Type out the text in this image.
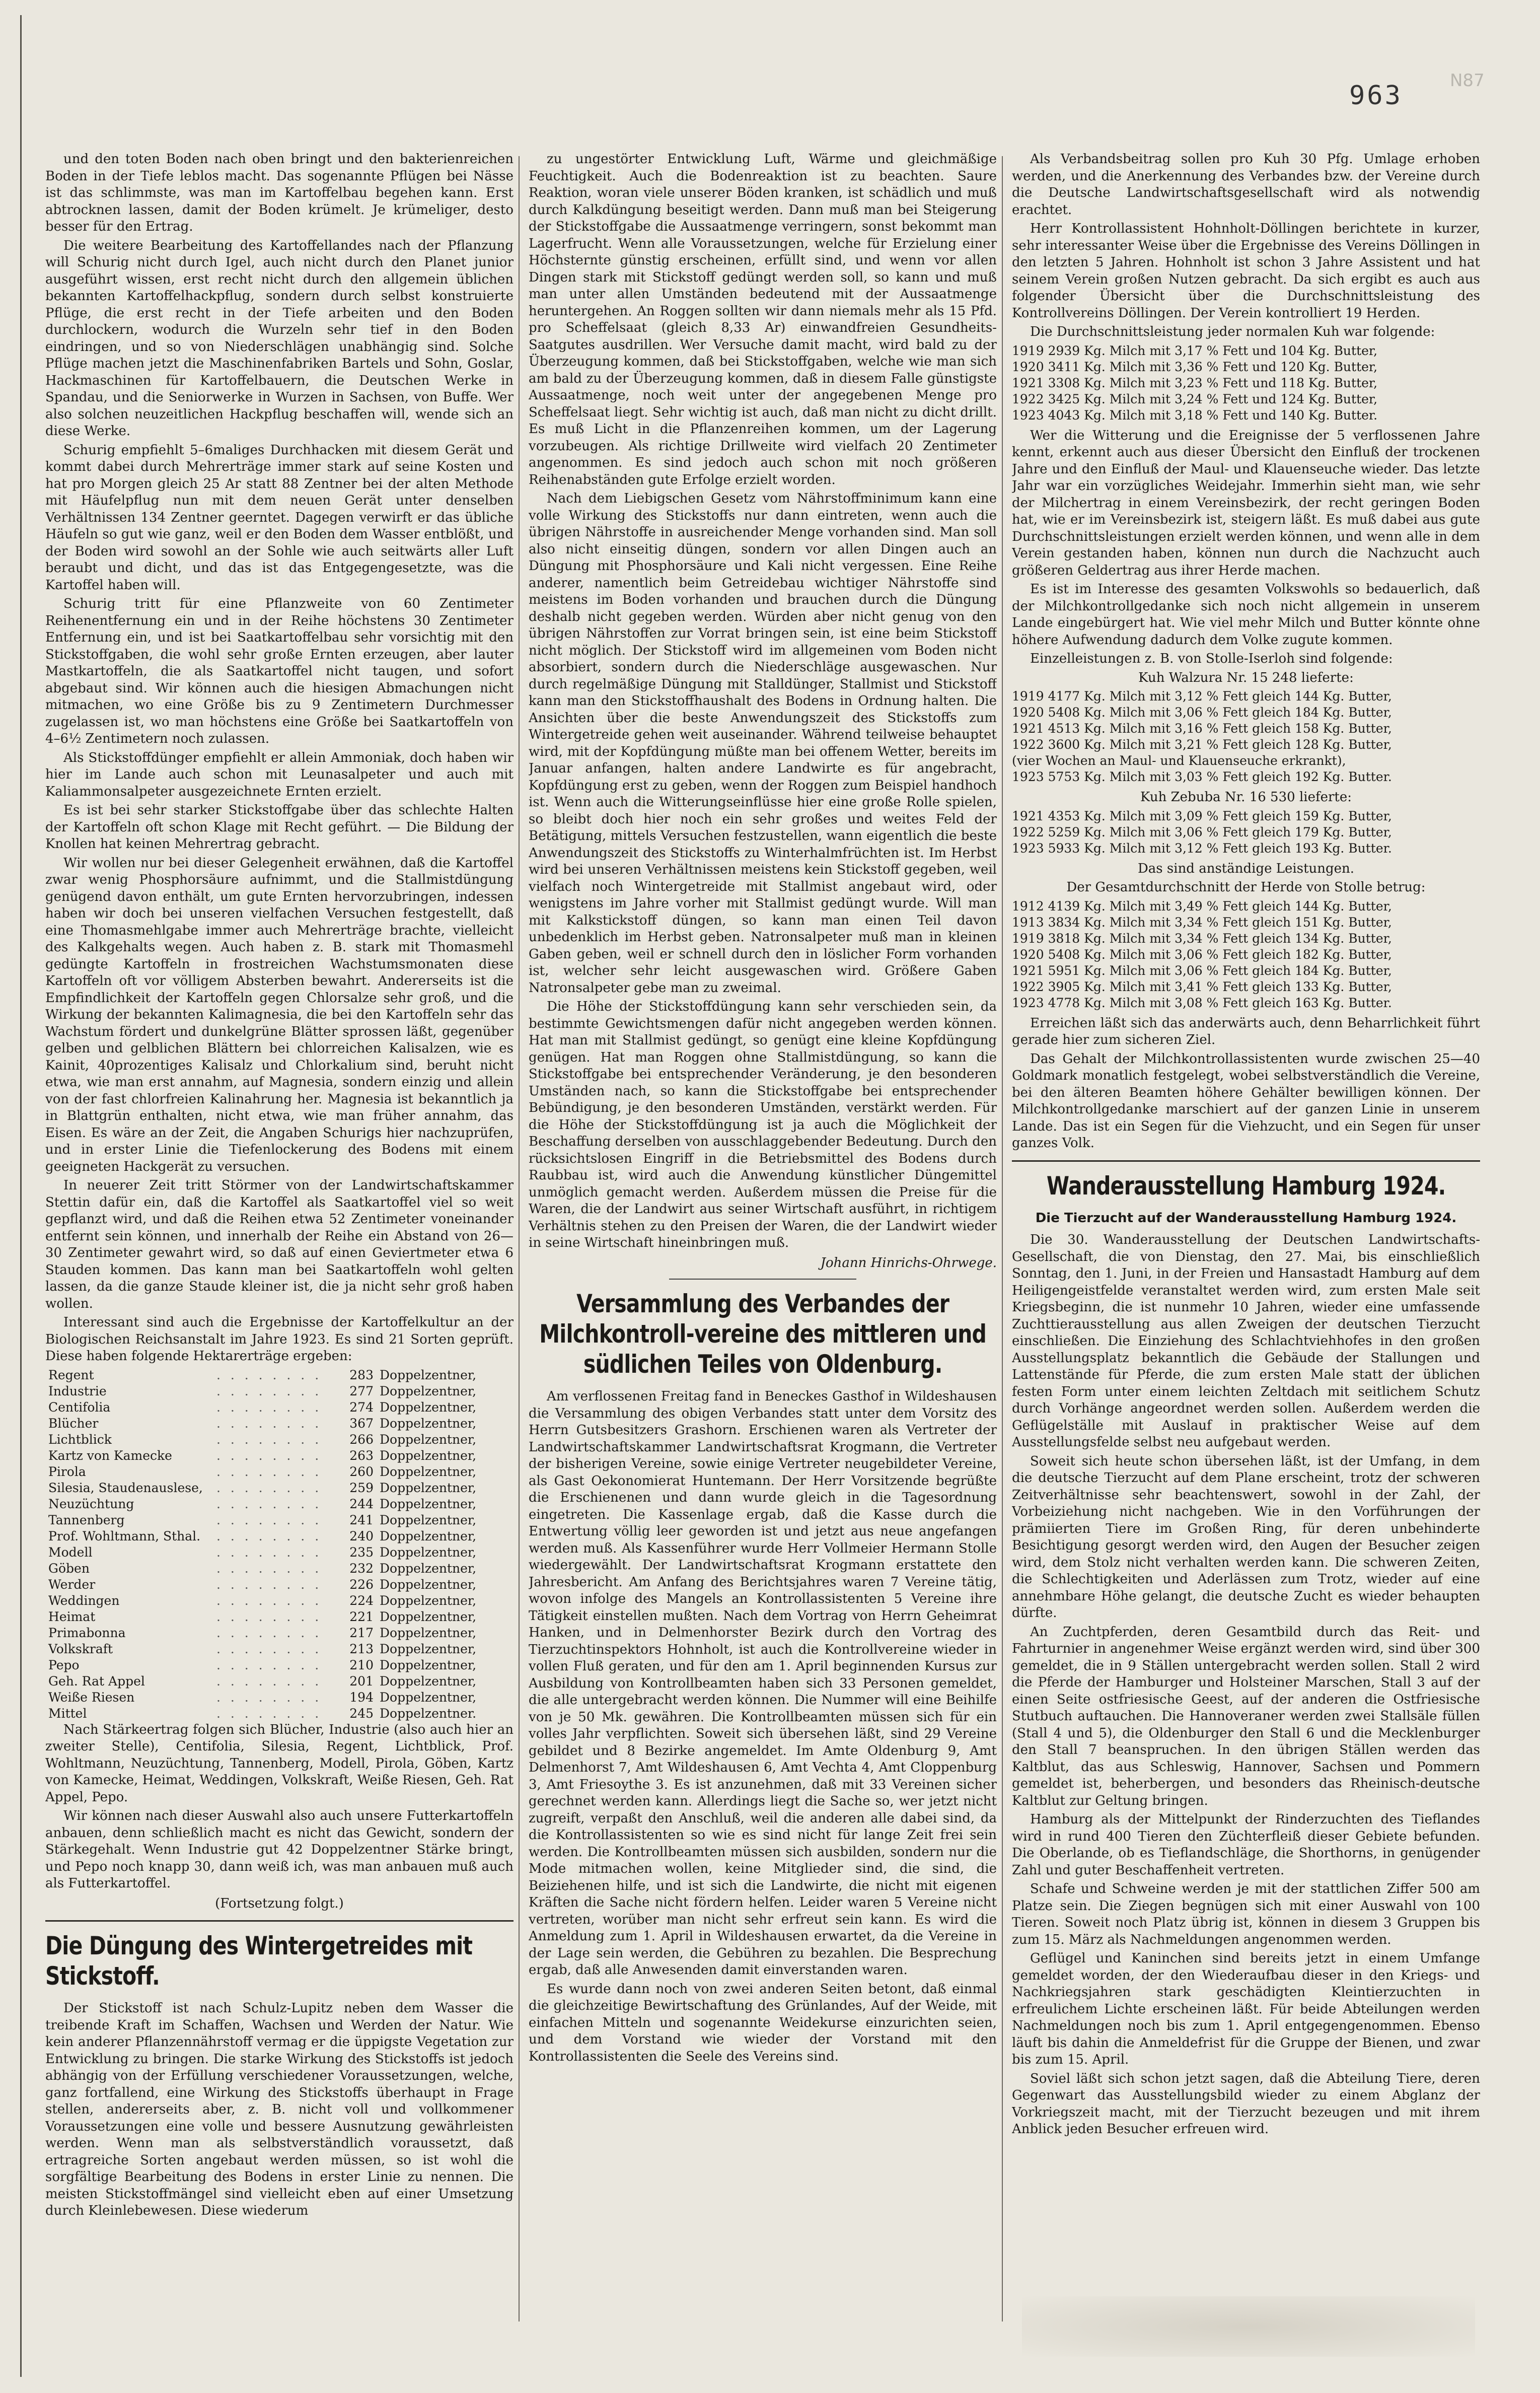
963	N87

und den toten Boden nach oben bringt und den bakterienreichen Boden in der Tiefe leblos macht. Das sogenannte Pflügen bei Nässe ist das schlimmste, was man im Kartoffelbau begehen kann. Erst abtrocknen lassen, damit der Boden krümelt. Je krümeliger, desto besser für den Ertrag.

Die weitere Bearbeitung des Kartoffellandes nach der Pflanzung will Schurig nicht durch Igel, auch nicht durch den Planet junior ausgeführt wissen, erst recht nicht durch den allgemein üblichen bekannten Kartoffelhackpflug, sondern durch selbst konstruierte Pflüge, die erst recht in der Tiefe arbeiten und den Boden durchlockern, wodurch die Wurzeln sehr tief in den Boden eindringen, und so von Niederschlägen unabhängig sind. Solche Pflüge machen jetzt die Maschinenfabriken Bartels und Sohn, Goslar, Hackmaschinen für Kartoffelbauern, die Deutschen Werke in Spandau, und die Seniorwerke in Wurzen in Sachsen, von Buffe. Wer also solchen neuzeitlichen Hackpflug beschaffen will, wende sich an diese Werke.

Schurig empfiehlt 5–6maliges Durchhacken mit diesem Gerät und kommt dabei durch Mehrerträge immer stark auf seine Kosten und hat pro Morgen gleich 25 Ar statt 88 Zentner bei der alten Methode mit Häufelpflug nun mit dem neuen Gerät unter denselben Verhältnissen 134 Zentner geerntet. Dagegen verwirft er das übliche Häufeln so gut wie ganz, weil er den Boden dem Wasser entblößt, und der Boden wird sowohl an der Sohle wie auch seitwärts aller Luft beraubt und dicht, und das ist das Entgegengesetzte, was die Kartoffel haben will.

Schurig tritt für eine Pflanzweite von 60 Zentimeter Reihenentfernung ein und in der Reihe höchstens 30 Zentimeter Entfernung ein, und ist bei Saatkartoffelbau sehr vorsichtig mit den Stickstoffgaben, die wohl sehr große Ernten erzeugen, aber lauter Mastkartoffeln, die als Saatkartoffel nicht taugen, und sofort abgebaut sind. Wir können auch die hiesigen Abmachungen nicht mitmachen, wo eine Größe bis zu 9 Zentimetern Durchmesser zugelassen ist, wo man höchstens eine Größe bei Saatkartoffeln von 4–6½ Zentimetern noch zulassen.

Als Stickstoffdünger empfiehlt er allein Ammoniak, doch haben wir hier im Lande auch schon mit Leunasalpeter und auch mit Kaliammonsalpeter ausgezeichnete Ernten erzielt.

Es ist bei sehr starker Stickstoffgabe über das schlechte Halten der Kartoffeln oft schon Klage mit Recht geführt. — Die Bildung der Knollen hat keinen Mehrertrag gebracht.

Wir wollen nur bei dieser Gelegenheit erwähnen, daß die Kartoffel zwar wenig Phosphorsäure aufnimmt, und die Stallmistdüngung genügend davon enthält, um gute Ernten hervorzubringen, indessen haben wir doch bei unseren vielfachen Versuchen festgestellt, daß eine Thomasmehlgabe immer auch Mehrerträge brachte, vielleicht des Kalkgehalts wegen. Auch haben z. B. stark mit Thomasmehl gedüngte Kartoffeln in frostreichen Wachstumsmonaten diese Kartoffeln oft vor völligem Absterben bewahrt. Andererseits ist die Empfindlichkeit der Kartoffeln gegen Chlorsalze sehr groß, und die Wirkung der bekannten Kalimagnesia, die bei den Kartoffeln sehr das Wachstum fördert und dunkelgrüne Blätter sprossen läßt, gegenüber gelben und gelblichen Blättern bei chlorreichen Kalisalzen, wie es Kainit, 40prozentiges Kalisalz und Chlorkalium sind, beruht nicht etwa, wie man erst annahm, auf Magnesia, sondern einzig und allein von der fast chlorfreien Kalinahrung her. Magnesia ist bekanntlich ja in Blattgrün enthalten, nicht etwa, wie man früher annahm, das Eisen. Es wäre an der Zeit, die Angaben Schurigs hier nachzuprüfen, und in erster Linie die Tiefenlockerung des Bodens mit einem geeigneten Hackgerät zu versuchen.

In neuerer Zeit tritt Störmer von der Landwirtschaftskammer Stettin dafür ein, daß die Kartoffel als Saatkartoffel viel so weit gepflanzt wird, und daß die Reihen etwa 52 Zentimeter voneinander entfernt sein können, und innerhalb der Reihe ein Abstand von 26—30 Zentimeter gewahrt wird, so daß auf einen Geviertmeter etwa 6 Stauden kommen. Das kann man bei Saatkartoffeln wohl gelten lassen, da die ganze Staude kleiner ist, die ja nicht sehr groß haben wollen.

Interessant sind auch die Ergebnisse der Kartoffelkultur an der Biologischen Reichsanstalt im Jahre 1923. Es sind 21 Sorten geprüft. Diese haben folgende Hektarerträge ergeben:

Regent	. . . . . . . .	283	Doppelzentner,
Industrie	. . . . . . . .	277	Doppelzentner,
Centifolia	. . . . . . . .	274	Doppelzentner,
Blücher	. . . . . . . .	367	Doppelzentner,
Lichtblick	. . . . . . . .	266	Doppelzentner,
Kartz von Kamecke	. . . . . . . .	263	Doppelzentner,
Pirola	. . . . . . . .	260	Doppelzentner,
Silesia, Staudenauslese,	. . . . . . . .	259	Doppelzentner,
Neuzüchtung	. . . . . . . .	244	Doppelzentner,
Tannenberg	. . . . . . . .	241	Doppelzentner,
Prof. Wohltmann, Sthal.	. . . . . . . .	240	Doppelzentner,
Modell	. . . . . . . .	235	Doppelzentner,
Göben	. . . . . . . .	232	Doppelzentner,
Werder	. . . . . . . .	226	Doppelzentner,
Weddingen	. . . . . . . .	224	Doppelzentner,
Heimat	. . . . . . . .	221	Doppelzentner,
Primabonna	. . . . . . . .	217	Doppelzentner,
Volkskraft	. . . . . . . .	213	Doppelzentner,
Pepo	. . . . . . . .	210	Doppelzentner,
Geh. Rat Appel	. . . . . . . .	201	Doppelzentner,
Weiße Riesen	. . . . . . . .	194	Doppelzentner,
Mittel	. . . . . . . .	245	Doppelzentner.

Nach Stärkeertrag folgen sich Blücher, Industrie (also auch hier an zweiter Stelle), Centifolia, Silesia, Regent, Lichtblick, Prof. Wohltmann, Neuzüchtung, Tannenberg, Modell, Pirola, Göben, Kartz von Kamecke, Heimat, Weddingen, Volkskraft, Weiße Riesen, Geh. Rat Appel, Pepo.

Wir können nach dieser Auswahl also auch unsere Futterkartoffeln anbauen, denn schließlich macht es nicht das Gewicht, sondern der Stärkegehalt. Wenn Industrie gut 42 Doppelzentner Stärke bringt, und Pepo noch knapp 30, dann weiß ich, was man anbauen muß auch als Futterkartoffel.

(Fortsetzung folgt.)
Die Düngung des Wintergetreides mit Stickstoff.

Der Stickstoff ist nach Schulz-Lupitz neben dem Wasser die treibende Kraft im Schaffen, Wachsen und Werden der Natur. Wie kein anderer Pflanzennährstoff vermag er die üppigste Vegetation zur Entwicklung zu bringen. Die starke Wirkung des Stickstoffs ist jedoch abhängig von der Erfüllung verschiedener Voraussetzungen, welche, ganz fortfallend, eine Wirkung des Stickstoffs überhaupt in Frage stellen, andererseits aber, z. B. nicht voll und vollkommener Voraussetzungen eine volle und bessere Ausnutzung gewährleisten werden. Wenn man als selbstverständlich voraussetzt, daß ertragreiche Sorten angebaut werden müssen, so ist wohl die sorgfältige Bearbeitung des Bodens in erster Linie zu nennen. Die meisten Stickstoffmängel sind vielleicht eben auf einer Umsetzung durch Kleinlebewesen. Diese wiederum

zu ungestörter Entwicklung Luft, Wärme und gleichmäßige Feuchtigkeit. Auch die Bodenreaktion ist zu beachten. Saure Reaktion, woran viele unserer Böden kranken, ist schädlich und muß durch Kalkdüngung beseitigt werden. Dann muß man bei Steigerung der Stickstoffgabe die Aussaatmenge verringern, sonst bekommt man Lagerfrucht. Wenn alle Voraussetzungen, welche für Erzielung einer Höchsternte günstig erscheinen, erfüllt sind, und wenn vor allen Dingen stark mit Stickstoff gedüngt werden soll, so kann und muß man unter allen Umständen bedeutend mit der Aussaatmenge heruntergehen. An Roggen sollten wir dann niemals mehr als 15 Pfd. pro Scheffelsaat (gleich 8,33 Ar) einwandfreien Gesundheits- Saatgutes ausdrillen. Wer Versuche damit macht, wird bald zu der Überzeugung kommen, daß bei Stickstoffgaben, welche wie man sich am bald zu der Überzeugung kommen, daß in diesem Falle günstigste Aussaatmenge, noch weit unter der angegebenen Menge pro Scheffelsaat liegt. Sehr wichtig ist auch, daß man nicht zu dicht drillt. Es muß Licht in die Pflanzenreihen kommen, um der Lagerung vorzubeugen. Als richtige Drillweite wird vielfach 20 Zentimeter angenommen. Es sind jedoch auch schon mit noch größeren Reihenabständen gute Erfolge erzielt worden.

Nach dem Liebigschen Gesetz vom Nährstoffminimum kann eine volle Wirkung des Stickstoffs nur dann eintreten, wenn auch die übrigen Nährstoffe in ausreichender Menge vorhanden sind. Man soll also nicht einseitig düngen, sondern vor allen Dingen auch an Düngung mit Phosphorsäure und Kali nicht vergessen. Eine Reihe anderer, namentlich beim Getreidebau wichtiger Nährstoffe sind meistens im Boden vorhanden und brauchen durch die Düngung deshalb nicht gegeben werden. Würden aber nicht genug von den übrigen Nährstoffen zur Vorrat bringen sein, ist eine beim Stickstoff nicht möglich. Der Stickstoff wird im allgemeinen vom Boden nicht absorbiert, sondern durch die Niederschläge ausgewaschen. Nur durch regelmäßige Düngung mit Stalldünger, Stallmist und Stickstoff kann man den Stickstoffhaushalt des Bodens in Ordnung halten. Die Ansichten über die beste Anwendungszeit des Stickstoffs zum Wintergetreide gehen weit auseinander. Während teilweise behauptet wird, mit der Kopfdüngung müßte man bei offenem Wetter, bereits im Januar anfangen, halten andere Landwirte es für angebracht, Kopfdüngung erst zu geben, wenn der Roggen zum Beispiel handhoch ist. Wenn auch die Witterungseinflüsse hier eine große Rolle spielen, so bleibt doch hier noch ein sehr großes und weites Feld der Betätigung, mittels Versuchen festzustellen, wann eigentlich die beste Anwendungszeit des Stickstoffs zu Winterhalmfrüchten ist. Im Herbst wird bei unseren Verhältnissen meistens kein Stickstoff gegeben, weil vielfach noch Wintergetreide mit Stallmist angebaut wird, oder wenigstens im Jahre vorher mit Stallmist gedüngt wurde. Will man mit Kalkstickstoff düngen, so kann man einen Teil davon unbedenklich im Herbst geben. Natronsalpeter muß man in kleinen Gaben geben, weil er schnell durch den in löslicher Form vorhanden ist, welcher sehr leicht ausgewaschen wird. Größere Gaben Natronsalpeter gebe man zu zweimal.

Die Höhe der Stickstoffdüngung kann sehr verschieden sein, da bestimmte Gewichtsmengen dafür nicht angegeben werden können. Hat man mit Stallmist gedüngt, so genügt eine kleine Kopfdüngung genügen. Hat man Roggen ohne Stallmistdüngung, so kann die Stickstoffgabe bei entsprechender Veränderung, je den besonderen Umständen nach, so kann die Stickstoffgabe bei entsprechender Bebündigung, je den besonderen Umständen, verstärkt werden. Für die Höhe der Stickstoffdüngung ist ja auch die Möglichkeit der Beschaffung derselben von ausschlaggebender Bedeutung. Durch den rücksichtslosen Eingriff in die Betriebsmittel des Bodens durch Raubbau ist, wird auch die Anwendung künstlicher Düngemittel unmöglich gemacht werden. Außerdem müssen die Preise für die Waren, die der Landwirt aus seiner Wirtschaft ausführt, in richtigem Verhältnis stehen zu den Preisen der Waren, die der Landwirt wieder in seine Wirtschaft hineinbringen muß.

Johann Hinrichs-Ohrwege.
Versammlung des Verbandes der Milchkontroll-vereine des mittleren und südlichen Teiles von Oldenburg.

Am verflossenen Freitag fand in Beneckes Gasthof in Wildeshausen die Versammlung des obigen Verbandes statt unter dem Vorsitz des Herrn Gutsbesitzers Grashorn. Erschienen waren als Vertreter der Landwirtschaftskammer Landwirtschaftsrat Krogmann, die Vertreter der bisherigen Vereine, sowie einige Vertreter neugebildeter Vereine, als Gast Oekonomierat Huntemann. Der Herr Vorsitzende begrüßte die Erschienenen und dann wurde gleich in die Tagesordnung eingetreten. Die Kassenlage ergab, daß die Kasse durch die Entwertung völlig leer geworden ist und jetzt aus neue angefangen werden muß. Als Kassenführer wurde Herr Vollmeier Hermann Stolle wiedergewählt. Der Landwirtschaftsrat Krogmann erstattete den Jahresbericht. Am Anfang des Berichtsjahres waren 7 Vereine tätig, wovon infolge des Mangels an Kontrollassistenten 5 Vereine ihre Tätigkeit einstellen mußten. Nach dem Vortrag von Herrn Geheimrat Hanken, und in Delmenhorster Bezirk durch den Vortrag des Tierzuchtinspektors Hohnholt, ist auch die Kontrollvereine wieder in vollen Fluß geraten, und für den am 1. April beginnenden Kursus zur Ausbildung von Kontrollbeamten haben sich 33 Personen gemeldet, die alle untergebracht werden können. Die Nummer will eine Beihilfe von je 50 Mk. gewähren. Die Kontrollbeamten müssen sich für ein volles Jahr verpflichten. Soweit sich übersehen läßt, sind 29 Vereine gebildet und 8 Bezirke angemeldet. Im Amte Oldenburg 9, Amt Delmenhorst 7, Amt Wildeshausen 6, Amt Vechta 4, Amt Cloppenburg 3, Amt Friesoythe 3. Es ist anzunehmen, daß mit 33 Vereinen sicher gerechnet werden kann. Allerdings liegt die Sache so, wer jetzt nicht zugreift, verpaßt den Anschluß, weil die anderen alle dabei sind, da die Kontrollassistenten so wie es sind nicht für lange Zeit frei sein werden. Die Kontrollbeamten müssen sich ausbilden, sondern nur die Mode mitmachen wollen, keine Mitglieder sind, die sind, die Beiziehenen hilfe, und ist sich die Landwirte, die nicht mit eigenen Kräften die Sache nicht fördern helfen. Leider waren 5 Vereine nicht vertreten, worüber man nicht sehr erfreut sein kann. Es wird die Anmeldung zum 1. April in Wildeshausen erwartet, da die Vereine in der Lage sein werden, die Gebühren zu bezahlen. Die Besprechung ergab, daß alle Anwesenden damit einverstanden waren.

Es wurde dann noch von zwei anderen Seiten betont, daß einmal die gleichzeitige Bewirtschaftung des Grünlandes, Auf der Weide, mit einfachen Mitteln und sogenannte Weidekurse einzurichten seien, und dem Vorstand wie wieder der Vorstand mit den Kontrollassistenten die Seele des Vereins sind.

Als Verbandsbeitrag sollen pro Kuh 30 Pfg. Umlage erhoben werden, und die Anerkennung des Verbandes bzw. der Vereine durch die Deutsche Landwirtschaftsgesellschaft wird als notwendig erachtet.

Herr Kontrollassistent Hohnholt-Döllingen berichtete in kurzer, sehr interessanter Weise über die Ergebnisse des Vereins Döllingen in den letzten 5 Jahren. Hohnholt ist schon 3 Jahre Assistent und hat seinem Verein großen Nutzen gebracht. Da sich ergibt es auch aus folgender Übersicht über die Durchschnittsleistung des Kontrollvereins Döllingen. Der Verein kontrolliert 19 Herden.

Die Durchschnittsleistung jeder normalen Kuh war folgende:

1919 2939 Kg. Milch mit 3,17 % Fett und 104 Kg. Butter,
1920 3411 Kg. Milch mit 3,36 % Fett und 120 Kg. Butter,
1921 3308 Kg. Milch mit 3,23 % Fett und 118 Kg. Butter,
1922 3425 Kg. Milch mit 3,24 % Fett und 124 Kg. Butter,
1923 4043 Kg. Milch mit 3,18 % Fett und 140 Kg. Butter.

Wer die Witterung und die Ereignisse der 5 verflossenen Jahre kennt, erkennt auch aus dieser Übersicht den Einfluß der trockenen Jahre und den Einfluß der Maul- und Klauenseuche wieder. Das letzte Jahr war ein vorzügliches Weidejahr. Immerhin sieht man, wie sehr der Milchertrag in einem Vereinsbezirk, der recht geringen Boden hat, wie er im Vereinsbezirk ist, steigern läßt. Es muß dabei aus gute Durchschnittsleistungen erzielt werden können, und wenn alle in dem Verein gestanden haben, können nun durch die Nachzucht auch größeren Geldertrag aus ihrer Herde machen.

Es ist im Interesse des gesamten Volkswohls so bedauerlich, daß der Milchkontrollgedanke sich noch nicht allgemein in unserem Lande eingebürgert hat. Wie viel mehr Milch und Butter könnte ohne höhere Aufwendung dadurch dem Volke zugute kommen.

Einzelleistungen z. B. von Stolle-Iserloh sind folgende:

Kuh Walzura Nr. 15 248 lieferte:
1919 4177 Kg. Milch mit 3,12 % Fett gleich 144 Kg. Butter,
1920 5408 Kg. Milch mit 3,06 % Fett gleich 184 Kg. Butter,
1921 4513 Kg. Milch mit 3,16 % Fett gleich 158 Kg. Butter,
1922 3600 Kg. Milch mit 3,21 % Fett gleich 128 Kg. Butter,
(vier Wochen an Maul- und Klauenseuche erkrankt),
1923 5753 Kg. Milch mit 3,03 % Fett gleich 192 Kg. Butter.
Kuh Zebuba Nr. 16 530 lieferte:
1921 4353 Kg. Milch mit 3,09 % Fett gleich 159 Kg. Butter,
1922 5259 Kg. Milch mit 3,06 % Fett gleich 179 Kg. Butter,
1923 5933 Kg. Milch mit 3,12 % Fett gleich 193 Kg. Butter.
Das sind anständige Leistungen.
Der Gesamtdurchschnitt der Herde von Stolle betrug:
1912 4139 Kg. Milch mit 3,49 % Fett gleich 144 Kg. Butter,
1913 3834 Kg. Milch mit 3,34 % Fett gleich 151 Kg. Butter,
1919 3818 Kg. Milch mit 3,34 % Fett gleich 134 Kg. Butter,
1920 5408 Kg. Milch mit 3,06 % Fett gleich 182 Kg. Butter,
1921 5951 Kg. Milch mit 3,06 % Fett gleich 184 Kg. Butter,
1922 3905 Kg. Milch mit 3,41 % Fett gleich 133 Kg. Butter,
1923 4778 Kg. Milch mit 3,08 % Fett gleich 163 Kg. Butter.

Erreichen läßt sich das anderwärts auch, denn Beharrlichkeit führt gerade hier zum sicheren Ziel.

Das Gehalt der Milchkontrollassistenten wurde zwischen 25—40 Goldmark monatlich festgelegt, wobei selbstverständlich die Vereine, bei den älteren Beamten höhere Gehälter bewilligen können. Der Milchkontrollgedanke marschiert auf der ganzen Linie in unserem Lande. Das ist ein Segen für die Viehzucht, und ein Segen für unser ganzes Volk.

Wanderausstellung Hamburg 1924.
Die Tierzucht auf der Wanderausstellung Hamburg 1924.

Die 30. Wanderausstellung der Deutschen Landwirtschafts-Gesellschaft, die von Dienstag, den 27. Mai, bis einschließlich Sonntag, den 1. Juni, in der Freien und Hansastadt Hamburg auf dem Heiligengeistfelde veranstaltet werden wird, zum ersten Male seit Kriegsbeginn, die ist nunmehr 10 Jahren, wieder eine umfassende Zuchttierausstellung aus allen Zweigen der deutschen Tierzucht einschließen. Die Einziehung des Schlachtviehhofes in den großen Ausstellungsplatz bekanntlich die Gebäude der Stallungen und Lattenstände für Pferde, die zum ersten Male statt der üblichen festen Form unter einem leichten Zeltdach mit seitlichem Schutz durch Vorhänge angeordnet werden sollen. Außerdem werden die Geflügelställe mit Auslauf in praktischer Weise auf dem Ausstellungsfelde selbst neu aufgebaut werden.

Soweit sich heute schon übersehen läßt, ist der Umfang, in dem die deutsche Tierzucht auf dem Plane erscheint, trotz der schweren Zeitverhältnisse sehr beachtenswert, sowohl in der Zahl, der Vorbeiziehung nicht nachgeben. Wie in den Vorführungen der prämiierten Tiere im Großen Ring, für deren unbehinderte Besichtigung gesorgt werden wird, den Augen der Besucher zeigen wird, dem Stolz nicht verhalten werden kann. Die schweren Zeiten, die Schlechtigkeiten und Aderlässen zum Trotz, wieder auf eine annehmbare Höhe gelangt, die deutsche Zucht es wieder behaupten dürfte.

An Zuchtpferden, deren Gesamtbild durch das Reit- und Fahrturnier in angenehmer Weise ergänzt werden wird, sind über 300 gemeldet, die in 9 Ställen untergebracht werden sollen. Stall 2 wird die Pferde der Hamburger und Holsteiner Marschen, Stall 3 auf der einen Seite ostfriesische Geest, auf der anderen die Ostfriesische Stutbuch auftauchen. Die Hannoveraner werden zwei Stallsäle füllen (Stall 4 und 5), die Oldenburger den Stall 6 und die Mecklenburger den Stall 7 beanspruchen. In den übrigen Ställen werden das Kaltblut, das aus Schleswig, Hannover, Sachsen und Pommern gemeldet ist, beherbergen, und besonders das Rheinisch-deutsche Kaltblut zur Geltung bringen.

Hamburg als der Mittelpunkt der Rinderzuchten des Tieflandes wird in rund 400 Tieren den Züchterfleiß dieser Gebiete befunden. Die Oberlande, ob es Tieflandschläge, die Shorthorns, in genügender Zahl und guter Beschaffenheit vertreten.

Schafe und Schweine werden je mit der stattlichen Ziffer 500 am Platze sein. Die Ziegen begnügen sich mit einer Auswahl von 100 Tieren. Soweit noch Platz übrig ist, können in diesem 3 Gruppen bis zum 15. März als Nachmeldungen angenommen werden.

Geflügel und Kaninchen sind bereits jetzt in einem Umfange gemeldet worden, der den Wiederaufbau dieser in den Kriegs- und Nachkriegsjahren stark geschädigten Kleintierzuchten in erfreulichem Lichte erscheinen läßt. Für beide Abteilungen werden Nachmeldungen noch bis zum 1. April entgegengenommen. Ebenso läuft bis dahin die Anmeldefrist für die Gruppe der Bienen, und zwar bis zum 15. April.

Soviel läßt sich schon jetzt sagen, daß die Abteilung Tiere, deren Gegenwart das Ausstellungsbild wieder zu einem Abglanz der Vorkriegszeit macht, mit der Tierzucht bezeugen und mit ihrem Anblick jeden Besucher erfreuen wird.
